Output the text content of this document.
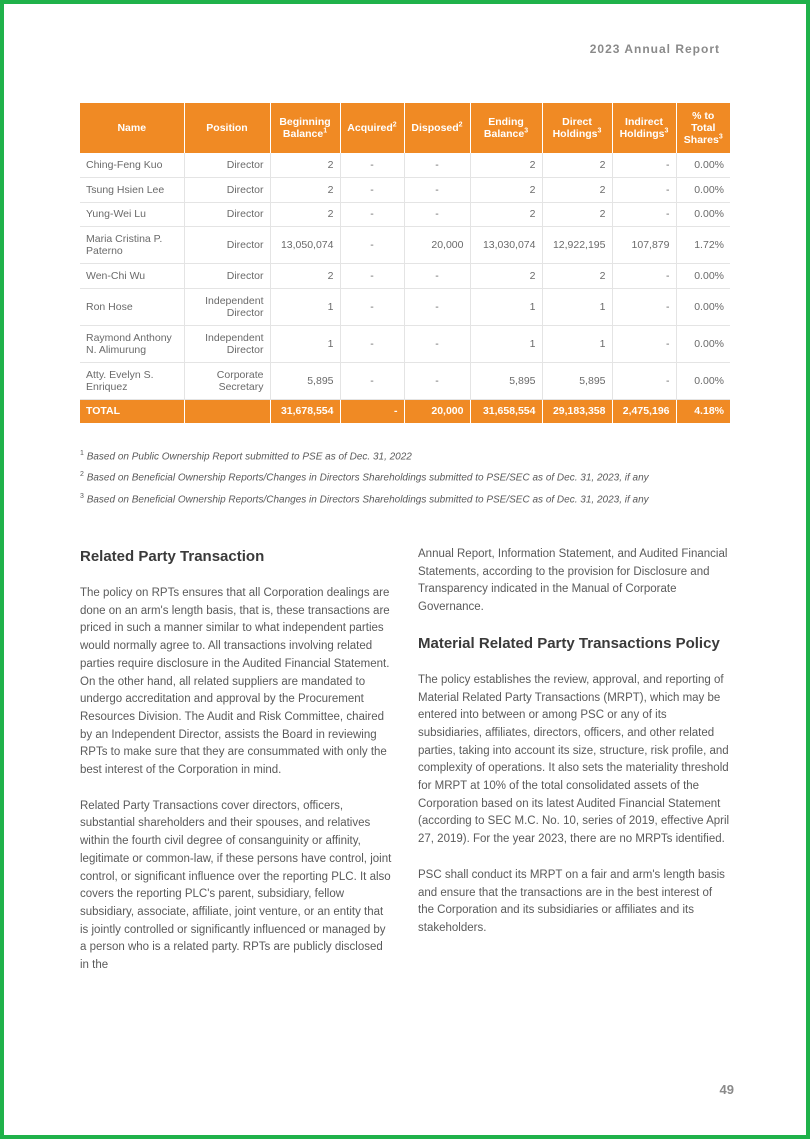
2023 Annual Report
Name	Position	Beginning Balance$^1$	Acquired$^2$	Disposed$^2$	Ending Balance$^3$	Direct Holdings$^3$	Indirect Holdings$^3$	% to Total Shares$^3$
Ching-Feng Kuo	Director	2	-	-	2	2	-	0.00%
Tsung Hsien Lee	Director	2	-	-	2	2	-	0.00%
Yung-Wei Lu	Director	2	-	-	2	2	-	0.00%
Maria Cristina P. Paterno	Director	13,050,074	-	20,000	13,030,074	12,922,195	107,879	1.72%
Wen-Chi Wu	Director	2	-	-	2	2	-	0.00%
Ron Hose	Independent Director	1	-	-	1	1	-	0.00%
Raymond Anthony N. Alimurung	Independent Director	1	-	-	1	1	-	0.00%
Atty. Evelyn S. Enriquez	Corporate Secretary	5,895	-	-	5,895	5,895	-	0.00%
TOTAL		31,678,554	-	20,000	31,658,554	29,183,358	2,475,196	4.18%
$^1$ Based on Public Ownership Report submitted to PSE as of Dec. 31, 2022
$^2$ Based on Beneficial Ownership Reports/Changes in Directors Shareholdings submitted to PSE/SEC as of Dec. 31, 2023, if any
$^3$ Based on Beneficial Ownership Reports/Changes in Directors Shareholdings submitted to PSE/SEC as of Dec. 31, 2023, if any
Related Party Transaction

The policy on RPTs ensures that all Corporation dealings are done on an arm's length basis, that is, these transactions are priced in such a manner similar to what independent parties would normally agree to. All transactions involving related parties require disclosure in the Audited Financial Statement. On the other hand, all related suppliers are mandated to undergo accreditation and approval by the Procurement Resources Division. The Audit and Risk Committee, chaired by an Independent Director, assists the Board in reviewing RPTs to make sure that they are consummated with only the best interest of the Corporation in mind.

Related Party Transactions cover directors, officers, substantial shareholders and their spouses, and relatives within the fourth civil degree of consanguinity or affinity, legitimate or common-law, if these persons have control, joint control, or significant influence over the reporting PLC. It also covers the reporting PLC's parent, subsidiary, fellow subsidiary, associate, affiliate, joint venture, or an entity that is jointly controlled or significantly influenced or managed by a person who is a related party. RPTs are publicly disclosed in the

Annual Report, Information Statement, and Audited Financial Statements, according to the provision for Disclosure and Transparency indicated in the Manual of Corporate Governance.

Material Related Party Transactions Policy

The policy establishes the review, approval, and reporting of Material Related Party Transactions (MRPT), which may be entered into between or among PSC or any of its subsidiaries, affiliates, directors, officers, and other related parties, taking into account its size, structure, risk profile, and complexity of operations. It also sets the materiality threshold for MRPT at 10% of the total consolidated assets of the Corporation based on its latest Audited Financial Statement (according to SEC M.C. No. 10, series of 2019, effective April 27, 2019). For the year 2023, there are no MRPTs identified.

PSC shall conduct its MRPT on a fair and arm's length basis and ensure that the transactions are in the best interest of the Corporation and its subsidiaries or affiliates and its stakeholders.

49
